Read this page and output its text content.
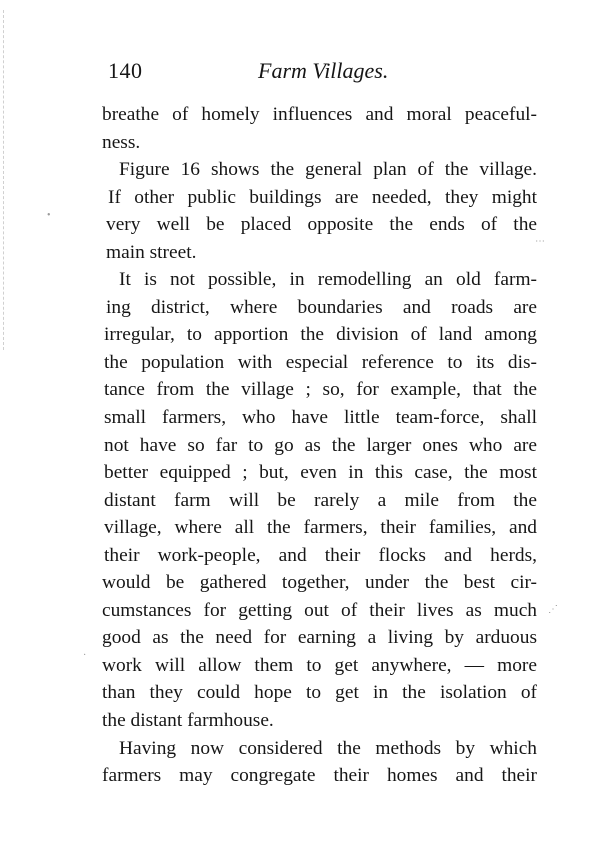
140	Farm Villages.
breathe of homely influences and moral peaceful-
ness.
Figure 16 shows the general plan of the village.
If other public buildings are needed, they might
very well be placed opposite the ends of the
main street.
It is not possible, in remodelling an old farm-
ing district, where boundaries and roads are
irregular, to apportion the division of land among
the population with especial reference to its dis-
tance from the village ; so, for example, that the
small farmers, who have little team-force, shall
not have so far to go as the larger ones who are
better equipped ; but, even in this case, the most
distant farm will be rarely a mile from the
village, where all the farmers, their families, and
their work-people, and their flocks and herds,
would be gathered together, under the best cir-
cumstances for getting out of their lives as much
good as the need for earning a living by arduous
work will allow them to get anywhere, — more
than they could hope to get in the isolation of
the distant farmhouse.
Having now considered the methods by which
farmers may congregate their homes and their
•
⋯
⋰
·
